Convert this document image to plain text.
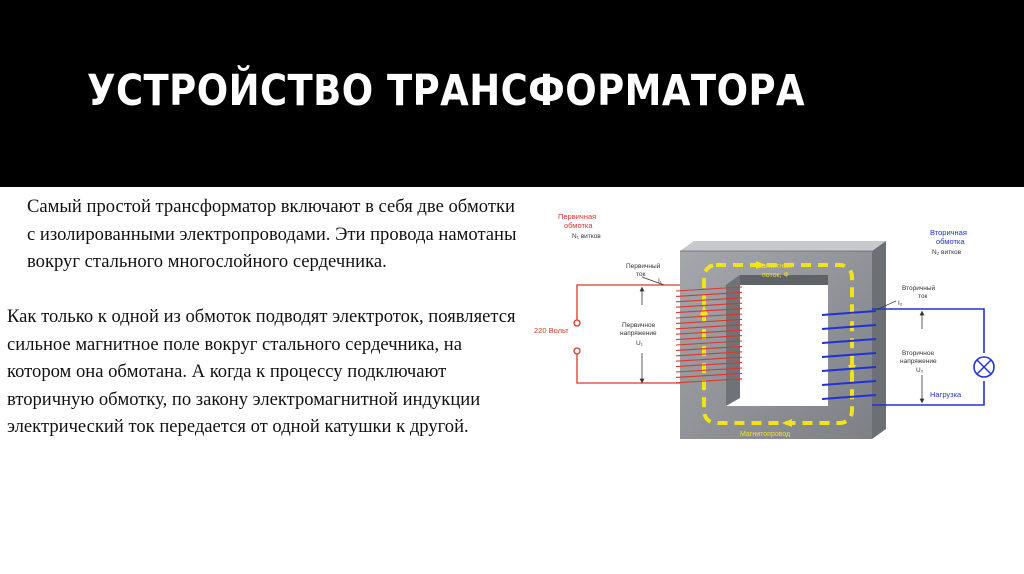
УСТРОЙСТВО ТРАНСФОРМАТОРА

Самый простой трансформатор включают в себя две обмотки с изолированными электропроводами. Эти провода намотаны вокруг стального многослойного сердечника.

Как только к одной из обмоток подводят электроток, появляется сильное магнитное поле вокруг стального сердечника, на котором она обмотана. А когда к процессу подключают вторичную обмотку, по закону электромагнитной индукции электрический ток передается от одной катушки к другой.

Первичная
обмотка
N₁ витков
Первичный
ток
I₁
220 Вольт
Первичное
напряжение
U₁
Магнитный
поток, Ф
Магнитопровод
Вторичная
обмотка
N₂ витков
Вторичный
ток
I₂
Вторичное
напряжение
U₂
Нагрузка
